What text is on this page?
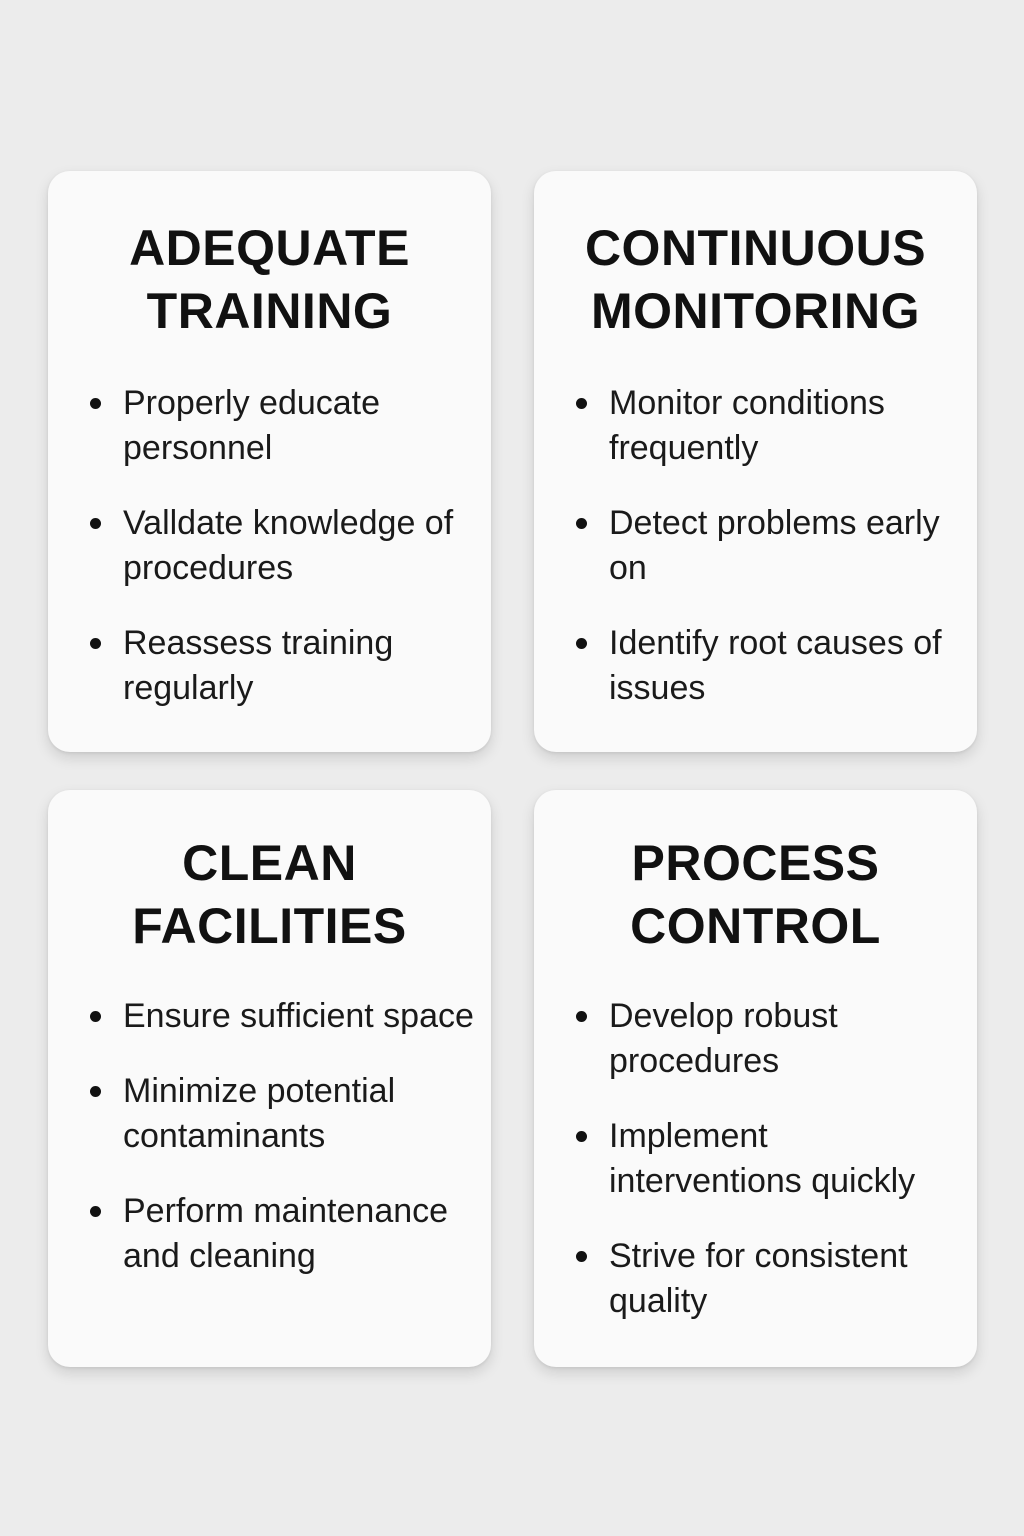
ADEQUATE
TRAINING
Properly educate personnel
Valldate knowledge of procedures
Reassess training regularly
CONTINUOUS
MONITORING
Monitor conditions frequently
Detect problems early on
Identify root causes of issues
CLEAN
FACILITIES
Ensure sufficient space
Minimize potential contaminants
Perform maintenance and cleaning
PROCESS
CONTROL
Develop robust procedures
Implement interventions quickly
Strive for consistent quality
